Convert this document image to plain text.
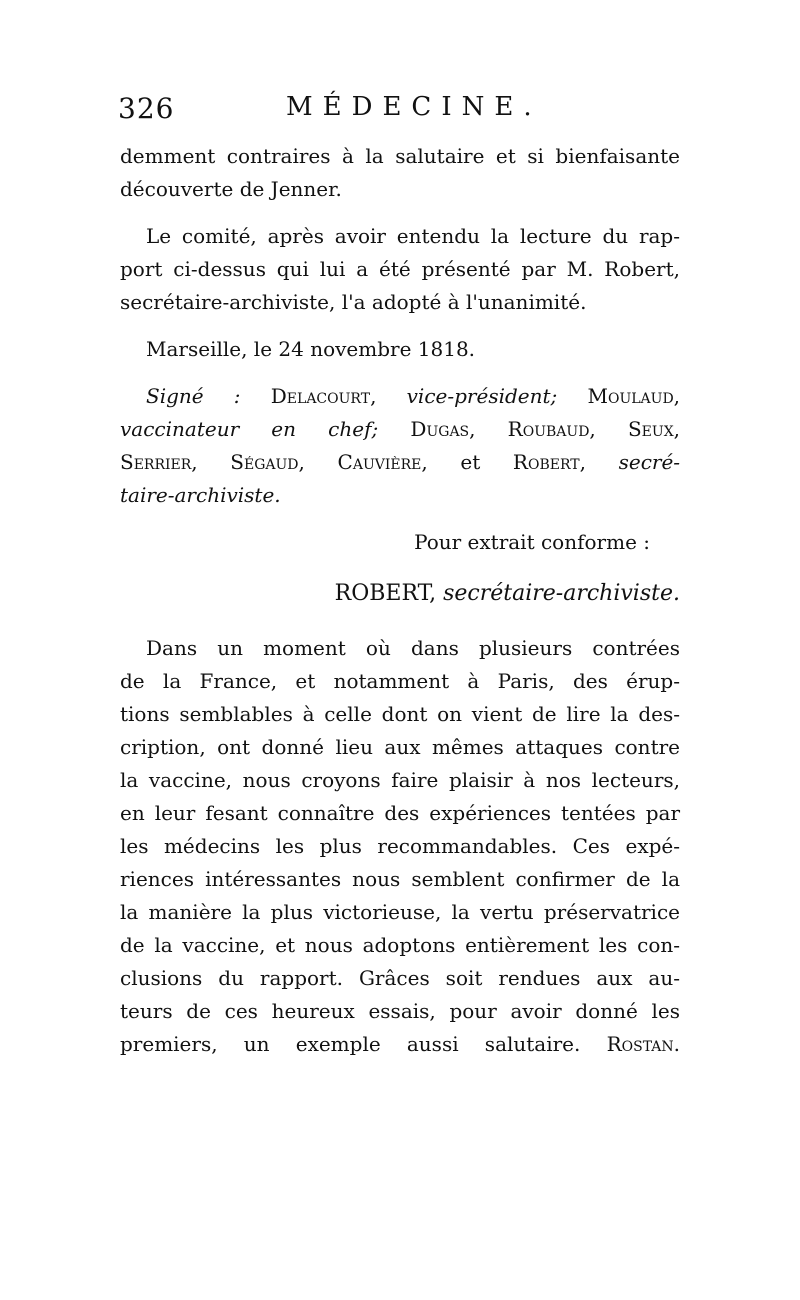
326	MÉDECINE.
demment contraires à la salutaire et si bienfaisante
découverte de Jenner.
Le comité, après avoir entendu la lecture du rap-
port ci-dessus qui lui a été présenté par M. Robert,
secrétaire-archiviste, l'a adopté à l'unanimité.
Marseille, le 24 novembre 1818.
Signé : Delacourt, vice-président; Moulaud,
vaccinateur en chef; Dugas, Roubaud, Seux,
Serrier, Ségaud, Cauvière, et Robert, secré-
taire-archiviste.
Pour extrait conforme :
ROBERT, secrétaire-archiviste.
Dans un moment où dans plusieurs contrées
de la France, et notamment à Paris, des érup-
tions semblables à celle dont on vient de lire la des-
cription, ont donné lieu aux mêmes attaques contre
la vaccine, nous croyons faire plaisir à nos lecteurs,
en leur fesant connaître des expériences tentées par
les médecins les plus recommandables. Ces expé-
riences intéressantes nous semblent confirmer de la
la manière la plus victorieuse, la vertu préservatrice
de la vaccine, et nous adoptons entièrement les con-
clusions du rapport. Grâces soit rendues aux au-
teurs de ces heureux essais, pour avoir donné les
premiers, un exemple aussi salutaire. Rostan.
